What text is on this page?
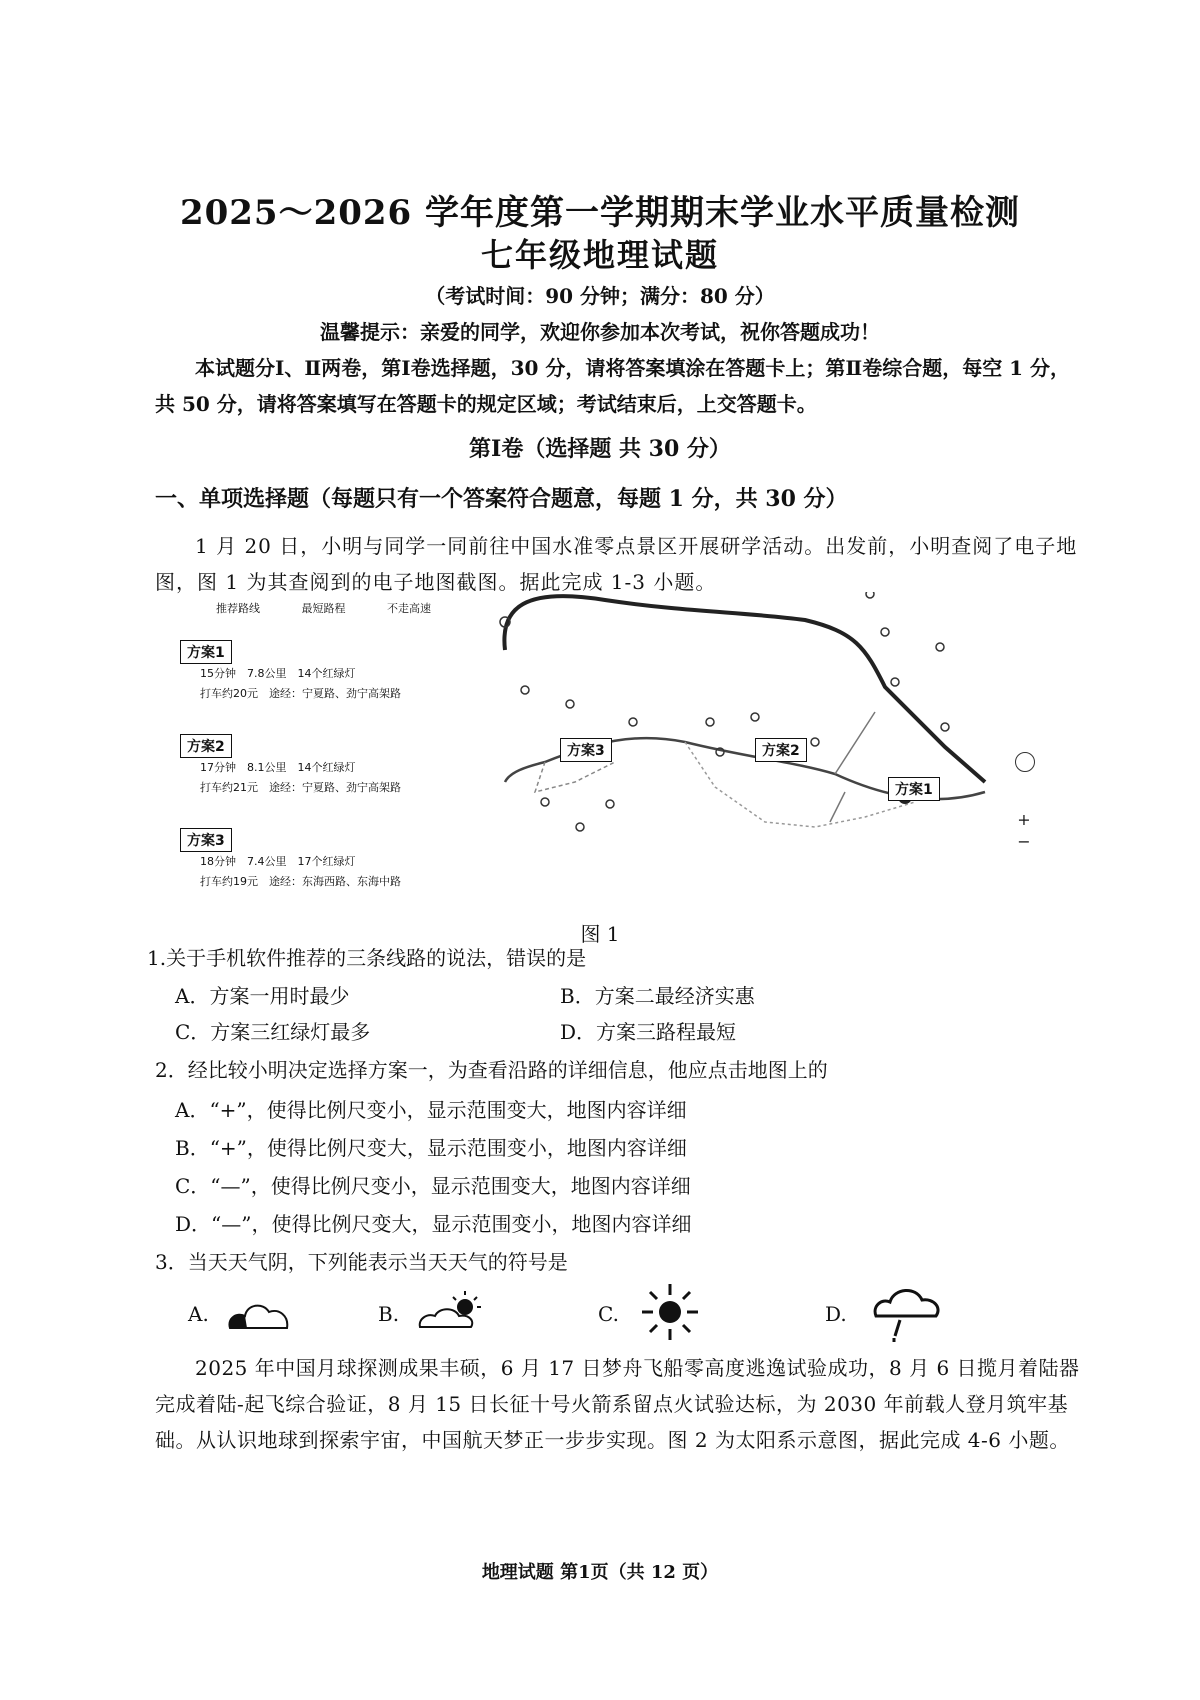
2025～2026 学年度第一学期期末学业水平质量检测
七年级地理试题
（考试时间：90 分钟；满分：80 分）
温馨提示：亲爱的同学，欢迎你参加本次考试，祝你答题成功！
本试题分Ⅰ、Ⅱ两卷，第Ⅰ卷选择题，30 分，请将答案填涂在答题卡上；第Ⅱ卷综合题，每空 1 分，共 50 分，请将答案填写在答题卡的规定区域；考试结束后，上交答题卡。
第Ⅰ卷（选择题 共 30 分）
一、单项选择题（每题只有一个答案符合题意，每题 1 分，共 30 分）
1 月 20 日，小明与同学一同前往中国水准零点景区开展研学活动。出发前，小明查阅了电子地图，图 1 为其查阅到的电子地图截图。据此完成 1-3 小题。
推荐路线	最短路程	不走高速
方案1
15分钟　7.8公里　14个红绿灯
打车约20元　途经：宁夏路、劲宁高架路
方案2
17分钟　8.1公里　14个红绿灯
打车约21元　途经：宁夏路、劲宁高架路
方案3
18分钟　7.4公里　17个红绿灯
打车约19元　途经：东海西路、东海中路
方案3	方案2
方案1
+
−
图 1
1.关于手机软件推荐的三条线路的说法，错误的是
A．方案一用时最少	B．方案二最经济实惠
C．方案三红绿灯最多	D．方案三路程最短
2．经比较小明决定选择方案一，为查看沿路的详细信息，他应点击地图上的
A．“+”，使得比例尺变小，显示范围变大，地图内容详细
B．“+”，使得比例尺变大，显示范围变小，地图内容详细
C．“—”，使得比例尺变小，显示范围变大，地图内容详细
D．“—”，使得比例尺变大，显示范围变小，地图内容详细
3．当天天气阴，下列能表示当天天气的符号是
A.	B.	C.	D.
2025 年中国月球探测成果丰硕，6 月 17 日梦舟飞船零高度逃逸试验成功，8 月 6 日揽月着陆器完成着陆-起飞综合验证，8 月 15 日长征十号火箭系留点火试验达标，为 2030 年前载人登月筑牢基础。从认识地球到探索宇宙，中国航天梦正一步步实现。图 2 为太阳系示意图，据此完成 4-6 小题。
地理试题 第1页（共 12 页）
